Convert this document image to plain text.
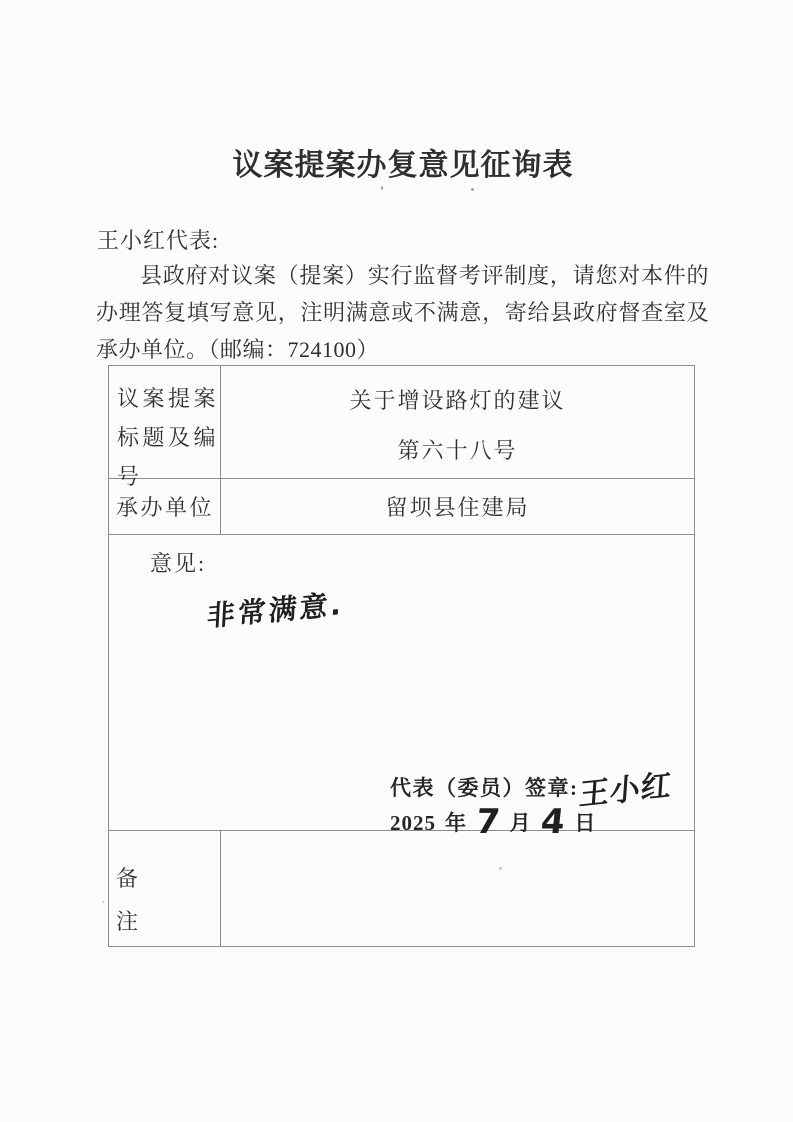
议案提案办复意见征询表
王小红代表:
县政府对议案（提案）实行监督考评制度，请您对本件的办理答复填写意见，注明满意或不满意，寄给县政府督查室及承办单位。（邮编：724100）
议案提案标题及编号
关于增设路灯的建议
第六十八号
承办单位	留坝县住建局
意见:
非常满意.
代表（委员）签章:王小红
2025 年 7 月 4 日
备注
